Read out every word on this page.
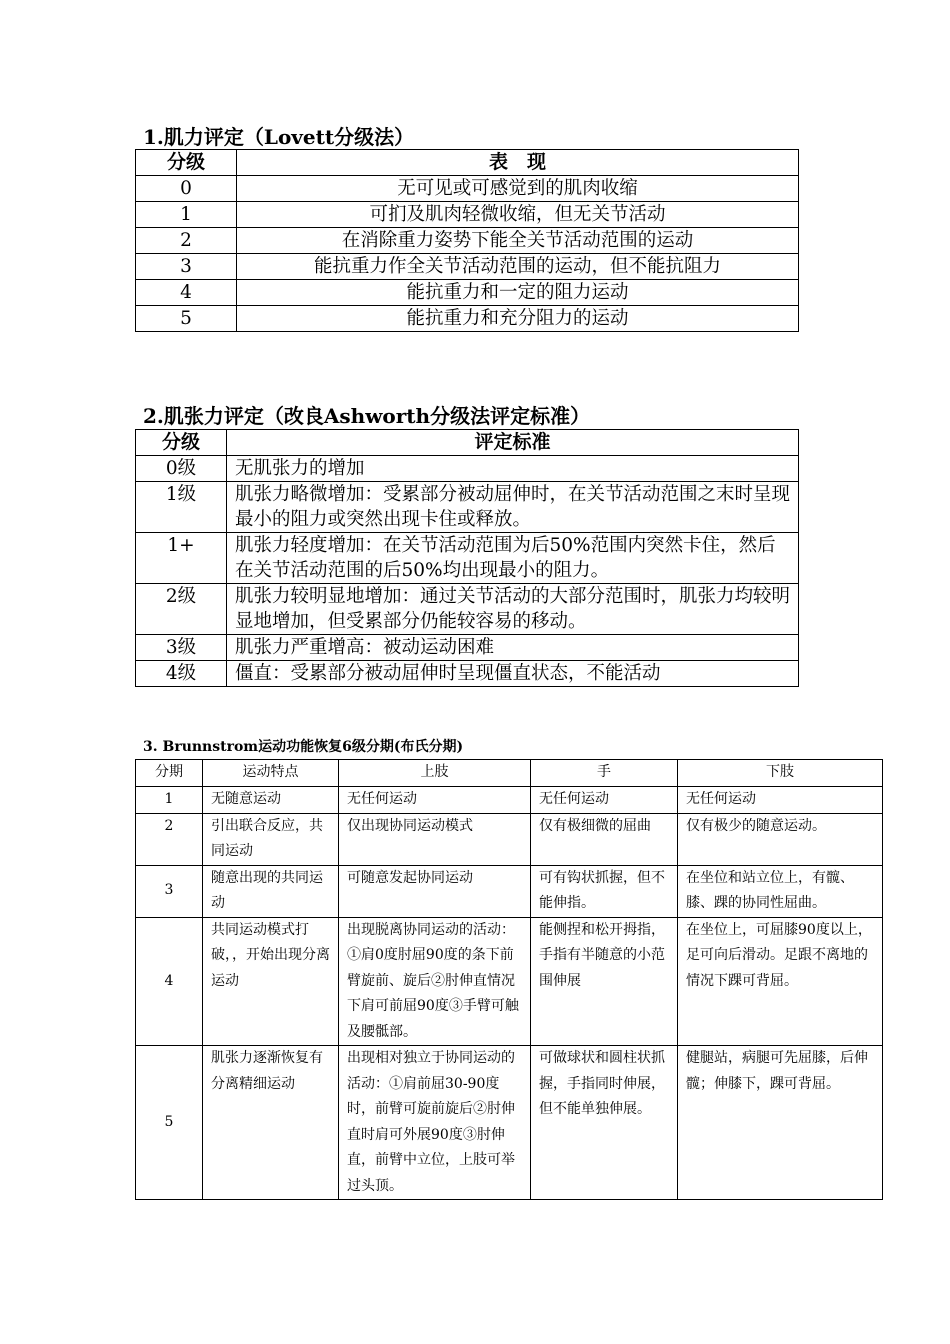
1.肌力评定（Lovett分级法）
分级	表　现
0	无可见或可感觉到的肌肉收缩
1	可扪及肌肉轻微收缩，但无关节活动
2	在消除重力姿势下能全关节活动范围的运动
3	能抗重力作全关节活动范围的运动，但不能抗阻力
4	能抗重力和一定的阻力运动
5	能抗重力和充分阻力的运动
2.肌张力评定（改良Ashworth分级法评定标准）
分级	评定标准
0级	无肌张力的增加
1级	肌张力略微增加：受累部分被动屈伸时，在关节活动范围之末时呈现最小的阻力或突然出现卡住或释放。
1+	肌张力轻度增加：在关节活动范围为后50%范围内突然卡住，然后在关节活动范围的后50%均出现最小的阻力。
2级	肌张力较明显地增加：通过关节活动的大部分范围时，肌张力均较明显地增加，但受累部分仍能较容易的移动。
3级	肌张力严重增高：被动运动困难
4级	僵直：受累部分被动屈伸时呈现僵直状态，不能活动
3. Brunnstrom运动功能恢复6级分期(布氏分期)
分期	运动特点	上肢	手	下肢
1	无随意运动	无任何运动	无任何运动	无任何运动
2	引出联合反应，共同运动	仅出现协同运动模式	仅有极细微的屈曲	仅有极少的随意运动。
3	随意出现的共同运动	可随意发起协同运动	可有钩状抓握，但不能伸指。	在坐位和站立位上，有髋、膝、踝的协同性屈曲。
4	共同运动模式打破，，开始出现分离运动	出现脱离协同运动的活动：①肩0度肘屈90度的条下前臂旋前、旋后②肘伸直情况下肩可前屈90度③手臂可触及腰骶部。	能侧捏和松开拇指，手指有半随意的小范围伸展	在坐位上，可屈膝90度以上，足可向后滑动。足跟不离地的情况下踝可背屈。
5	肌张力逐渐恢复有分离精细运动	出现相对独立于协同运动的活动：①肩前屈30-90度时，前臂可旋前旋后②肘伸直时肩可外展90度③肘伸直，前臂中立位，上肢可举过头顶。	可做球状和圆柱状抓握，手指同时伸展，但不能单独伸展。	健腿站，病腿可先屈膝，后伸髋；伸膝下，踝可背屈。
